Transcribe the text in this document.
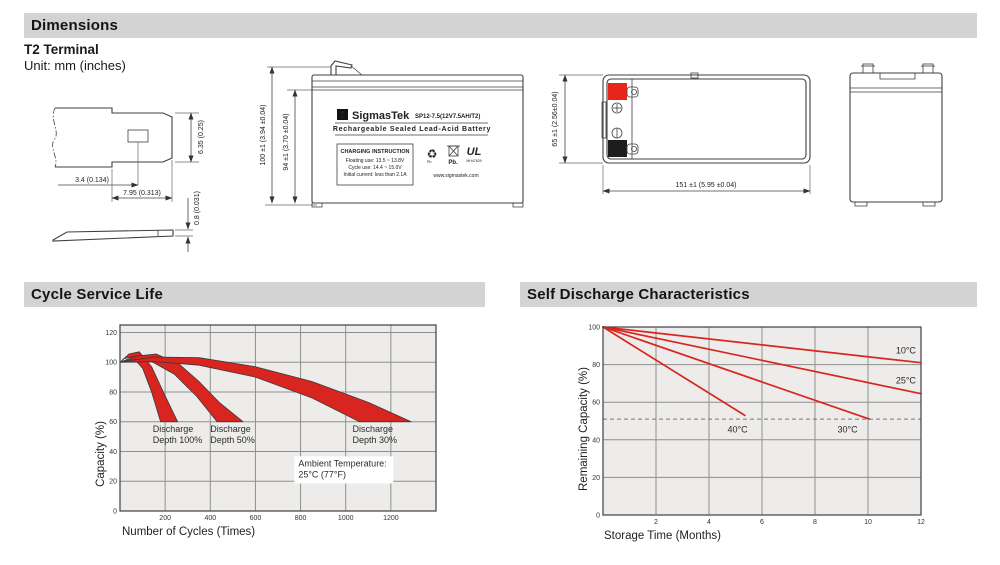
Dimensions
T2 Terminal
Unit: mm (inches)
3.4 (0.134)
7.95 (0.313)
6.35 (0.25)
0.8 (0.031)
100 ±1 (3.94 ±0.04) 94 ±1 (3.70 ±0.04)	Σ SigmasTek SP12-7.5(12V7.5AH/T2)
Rechargeable Sealed Lead-Acid Battery
CHARGING INSTRUCTION
Floating use: 13.5 ~ 13.8V
Cycle use: 14.4 ~ 15.0V
Initial current: less than 2.1A
♻
Pb.	Pb.
UL
MH47629
www.sigmastek.com
65 ±1 (2.56±0.04)
151 ±1 (5.95 ±0.04)
Cycle Service Life	Self Discharge Characteristics
200	400	600	800	1000	1200
0
20
40
60
80
100
120
Discharge
Depth 100%
Discharge
Depth 50%
Discharge
Depth 30%
Ambient Temperature:
25°C (77°F)
Capacity (%)
Number of Cycles (Times)
2	4	6	8	10	12
0
20
40
60
80
100
10°C
25°C
30°C
40°C
Remaining Capacity (%)
Storage Time (Months)
